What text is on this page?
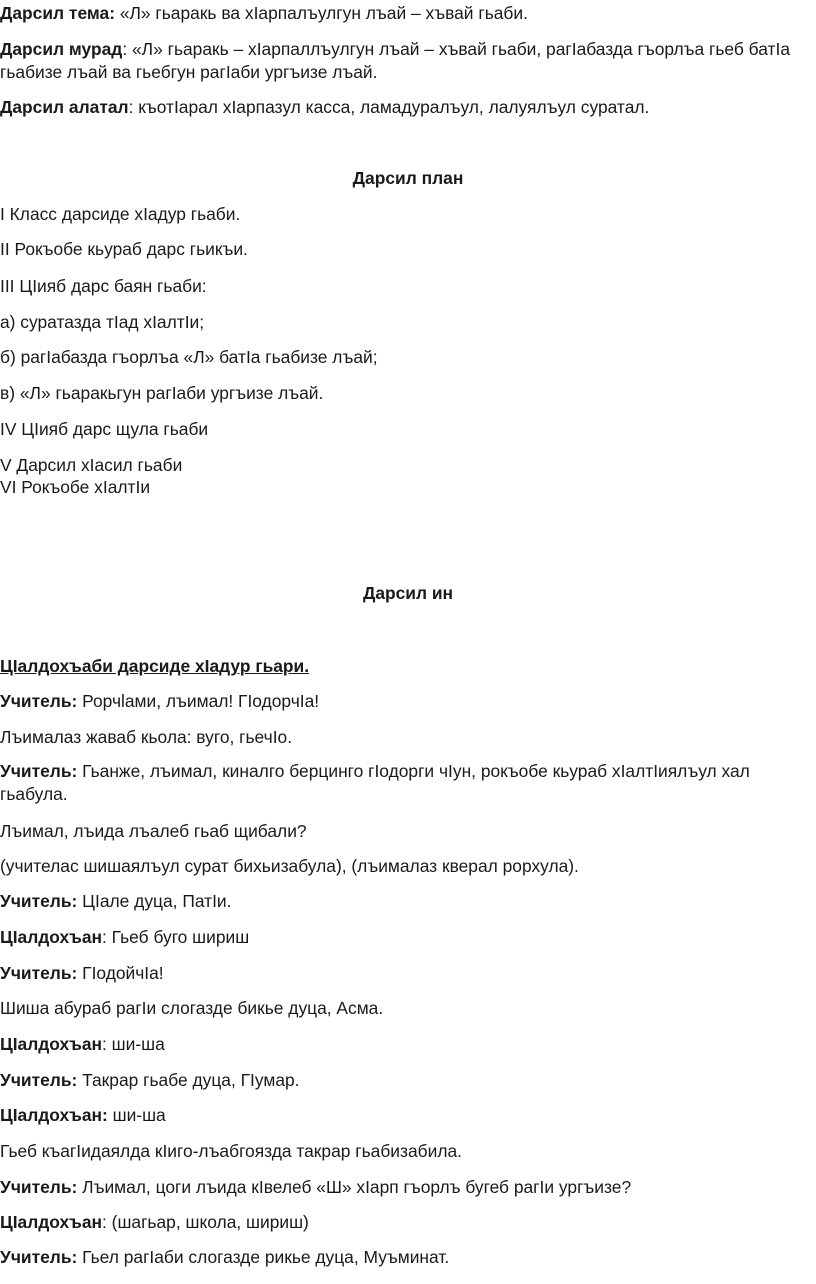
Дарсил тема: «Л» гьаракь ва хIарпалъулгун лъай – хъвай гьаби.
Дарсил мурад: «Л» гьаракь – хIарпаллъулгун лъай – хъвай гьаби, рагIабазда гъорлъа гьеб батIа гьабизе лъай ва гьебгун рагIаби ургъизе лъай.
Дарсил алатал: къотIарал хIарпазул касса, ламадуралъул, лалуялъул суратал.
Дарсил план
I Класс дарсиде хIадур гьаби.
II Рокъобе кьураб дарс гьикъи.
III ЦIияб дарс баян гьаби:
а) суратазда тIад хIалтIи;
б) рагIабазда гъорлъа «Л» батIа гьабизе лъай;
в) «Л» гьаракьгун рагIаби ургъизе лъай.
IV ЦIияб дарс щула гьаби
V Дарсил хIасил гьаби
VI Рокъобе хIалтIи
Дарсил ин
ЦIалдохъаби дарсиде хIадур гьари.
Учитель: Рорчlами, лъимал! ГIодорчIа!
Лъималаз жаваб кьола: вуго, гьечIо.
Учитель: Гьанже, лъимал, киналго берцинго гIодорги чIун, рокъобе кьураб хIалтIиялъул хал гьабула.
Лъимал, лъида лъалеб гьаб щибали?
(учителас шишаялъул сурат бихьизабула), (лъималаз кверал рорхула).
Учитель: ЦIале дуца, ПатIи.
ЦIалдохъан: Гьеб буго шириш
Учитель: ГIодойчIа!
Шиша абураб рагIи слогазде бикье дуца, Асма.
ЦIалдохъан: ши-ша
Учитель: Такрар гьабе дуца, ГIумар.
ЦIалдохъан: ши-ша
Гьеб къагIидаялда кIиго-лъабгоязда такрар гьабизабила.
Учитель: Лъимал, цоги лъида кIвелеб «Ш» хIарп гъорлъ бугеб рагIи ургъизе?
ЦIалдохъан: (шагьар, школа, шириш)
Учитель: Гьел рагIаби слогазде рикье дуца, Муъминат.
